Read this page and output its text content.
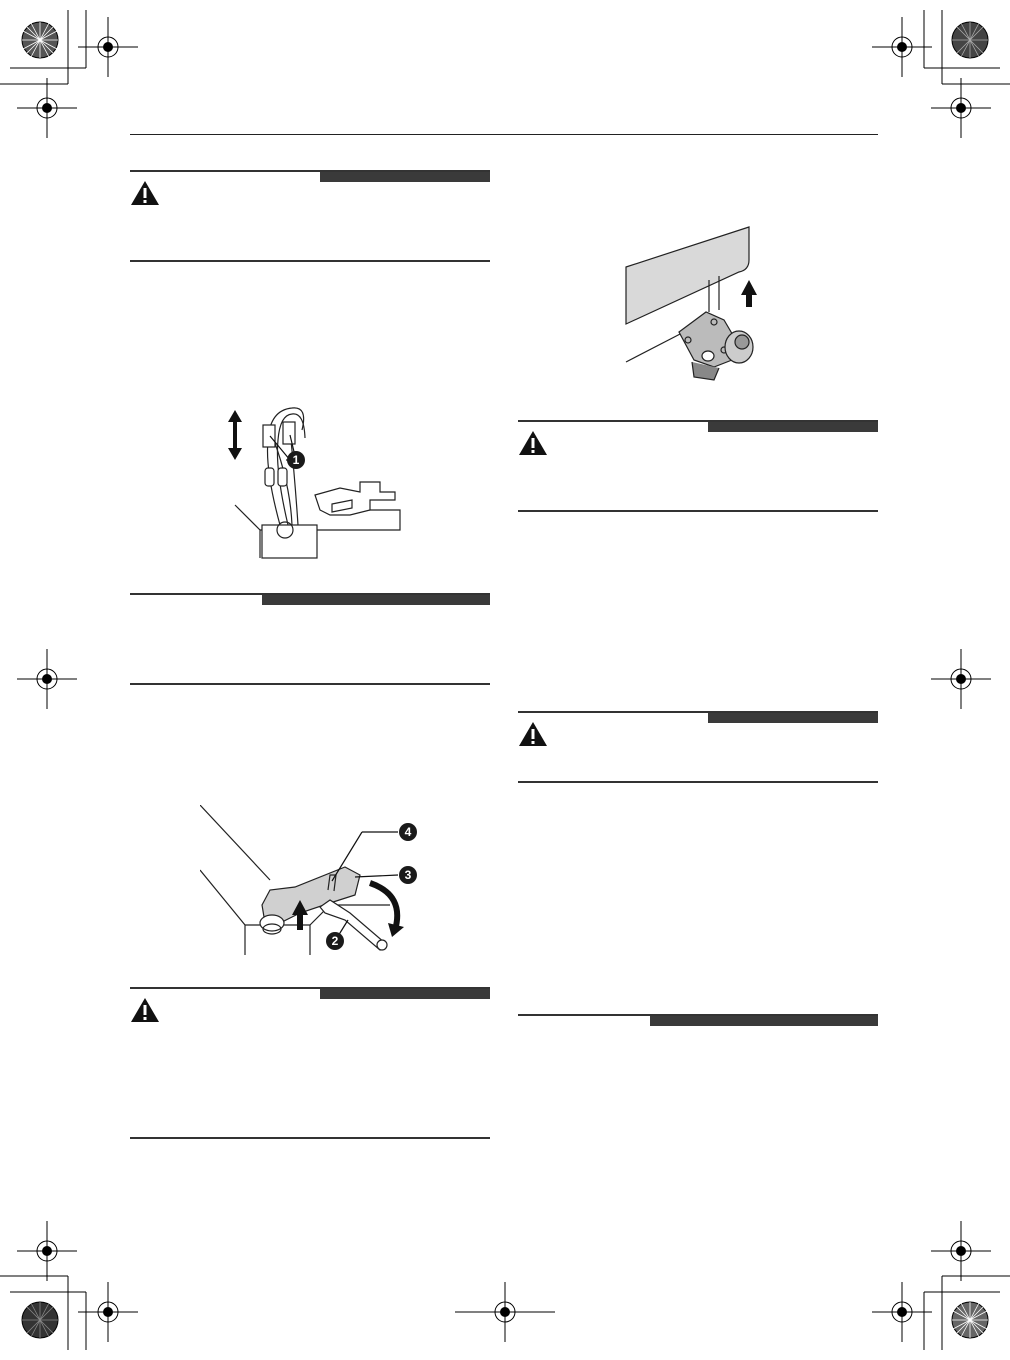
1
4
3
2
